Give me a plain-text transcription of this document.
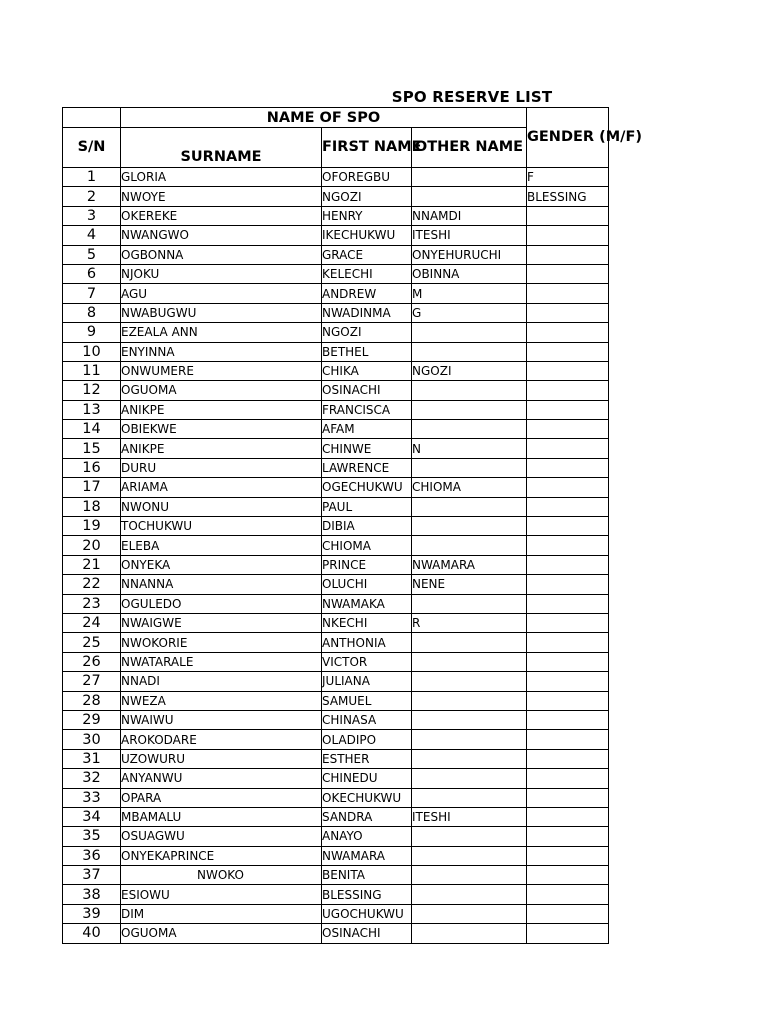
SPO RESERVE LIST
	NAME OF SPO			GENDER (M/F)
S/N	SURNAME	FIRST NAME	OTHER NAME	
1	GLORIA	OFOREGBU		F
2	NWOYE	NGOZI		BLESSING
3	OKEREKE	HENRY	NNAMDI	
4	NWANGWO	IKECHUKWU	ITESHI	
5	OGBONNA	GRACE	ONYEHURUCHI	
6	NJOKU	KELECHI	OBINNA	
7	AGU	ANDREW	M	
8	NWABUGWU	NWADINMA	G	
9	EZEALA ANN	NGOZI		
10	ENYINNA	BETHEL		
11	ONWUMERE	CHIKA	NGOZI	
12	OGUOMA	OSINACHI		
13	ANIKPE	FRANCISCA		
14	OBIEKWE	AFAM		
15	ANIKPE	CHINWE	N	
16	DURU	LAWRENCE		
17	ARIAMA	OGECHUKWU	CHIOMA	
18	NWONU	PAUL		
19	TOCHUKWU	DIBIA		
20	ELEBA	CHIOMA		
21	ONYEKA	PRINCE	NWAMARA	
22	NNANNA	OLUCHI	NENE	
23	OGULEDO	NWAMAKA		
24	NWAIGWE	NKECHI	R	
25	NWOKORIE	ANTHONIA		
26	NWATARALE	VICTOR		
27	NNADI	JULIANA		
28	NWEZA	SAMUEL		
29	NWAIWU	CHINASA		
30	AROKODARE	OLADIPO		
31	UZOWURU	ESTHER		
32	ANYANWU	CHINEDU		
33	OPARA	OKECHUKWU		
34	MBAMALU	SANDRA	ITESHI	
35	OSUAGWU	ANAYO		
36	ONYEKAPRINCE	NWAMARA		
37	NWOKO	BENITA		
38	ESIOWU	BLESSING		
39	DIM	UGOCHUKWU		
40	OGUOMA	OSINACHI		
